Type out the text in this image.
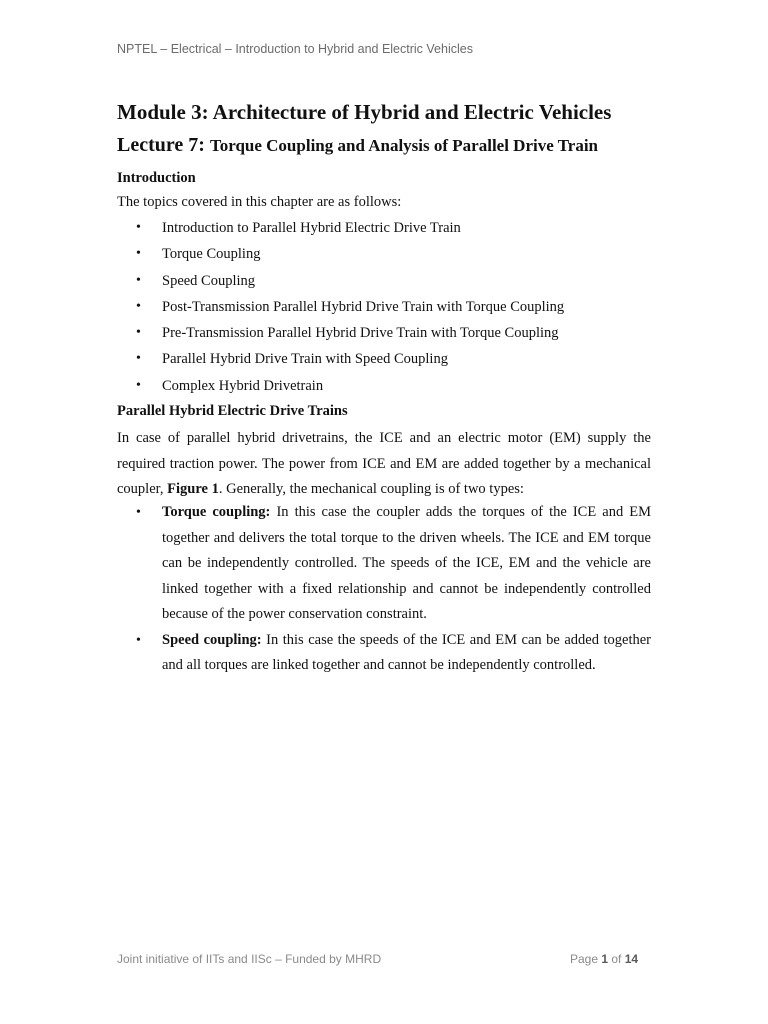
NPTEL – Electrical – Introduction to Hybrid and Electric Vehicles
Module 3: Architecture of Hybrid and Electric Vehicles
Lecture 7: Torque Coupling and Analysis of Parallel Drive Train
Introduction
The topics covered in this chapter are as follows:
• Introduction to Parallel Hybrid Electric Drive Train
• Torque Coupling
• Speed Coupling
• Post-Transmission Parallel Hybrid Drive Train with Torque Coupling
• Pre-Transmission Parallel Hybrid Drive Train with Torque Coupling
• Parallel Hybrid Drive Train with Speed Coupling
• Complex Hybrid Drivetrain
Parallel Hybrid Electric Drive Trains

In case of parallel hybrid drivetrains, the ICE and an electric motor (EM) supply the required traction power. The power from ICE and EM are added together by a mechanical coupler, Figure 1. Generally, the mechanical coupling is of two types:

• Torque coupling: In this case the coupler adds the torques of the ICE and EM together and delivers the total torque to the driven wheels. The ICE and EM torque can be independently controlled. The speeds of the ICE, EM and the vehicle are linked together with a fixed relationship and cannot be independently controlled because of the power conservation constraint.
• Speed coupling: In this case the speeds of the ICE and EM can be added together and all torques are linked together and cannot be independently controlled.
Joint initiative of IITs and IISc – Funded by MHRD	Page 1 of 14
